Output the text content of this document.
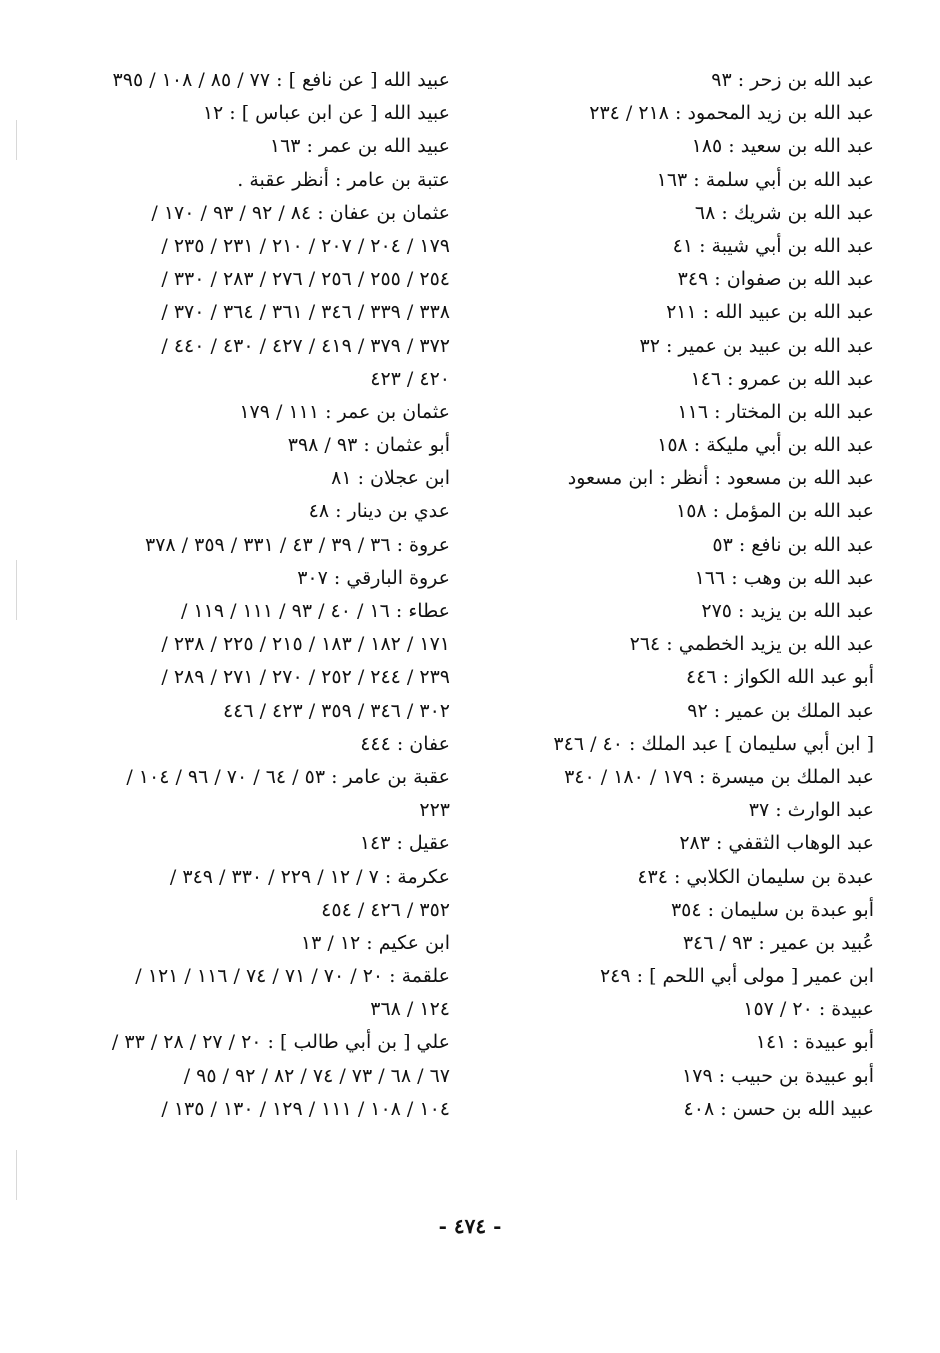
عبد الله بن زحر : ٩٣
عبد الله بن زيد المحمود : ٢١٨ / ٢٣٤
عبد الله بن سعيد : ١٨٥
عبد الله بن أبي سلمة : ١٦٣
عبد الله بن شريك : ٦٨
عبد الله بن أبي شيبة : ٤١
عبد الله بن صفوان : ٣٤٩
عبد الله بن عبيد الله : ٢١١
عبد الله بن عبيد بن عمير : ٣٢
عبد الله بن عمرو : ١٤٦
عبد الله بن المختار : ١١٦
عبد الله بن أبي مليكة : ١٥٨
عبد الله بن مسعود : أنظر : ابن مسعود
عبد الله بن المؤمل : ١٥٨
عبد الله بن نافع : ٥٣
عبد الله بن وهب : ١٦٦
عبد الله بن يزيد : ٢٧٥
عبد الله بن يزيد الخطمي : ٢٦٤
أبو عبد الله الكواز : ٤٤٦
عبد الملك بن عمير : ٩٢
[ ابن أبي سليمان ] عبد الملك : ٤٠ / ٣٤٦
عبد الملك بن ميسرة : ١٧٩ / ١٨٠ / ٣٤٠
عبد الوارث : ٣٧
عبد الوهاب الثقفي : ٢٨٣
عبدة بن سليمان الكلابي : ٤٣٤
أبو عبدة بن سليمان : ٣٥٤
عُبيد بن عمير : ٩٣ / ٣٤٦
ابن عمير [ مولى أبي اللحم ] : ٢٤٩
عبيدة : ٢٠ / ١٥٧
أبو عبيدة : ١٤١
أبو عبيدة بن حبيب : ١٧٩
عبيد الله بن حسن : ٤٠٨
عبيد الله [ عن نافع ] : ٧٧ / ٨٥ / ١٠٨ / ٣٩٥
عبيد الله [ عن ابن عباس ] : ١٢
عبيد الله بن عمر : ١٦٣
عتبة بن عامر : أنظر عقبة .
عثمان بن عفان : ٨٤ / ٩٢ / ٩٣ / ١٧٠ /
١٧٩ / ٢٠٤ / ٢٠٧ / ٢١٠ / ٢٣١ / ٢٣٥ /
٢٥٤ / ٢٥٥ / ٢٥٦ / ٢٧٦ / ٢٨٣ / ٣٣٠ /
٣٣٨ / ٣٣٩ / ٣٤٦ / ٣٦١ / ٣٦٤ / ٣٧٠ /
٣٧٢ / ٣٧٩ / ٤١٩ / ٤٢٧ / ٤٣٠ / ٤٤٠ /
٤٢٠ / ٤٢٣
عثمان بن عمر : ١١١ / ١٧٩
أبو عثمان : ٩٣ / ٣٩٨
ابن عجلان : ٨١
عدي بن دينار : ٤٨
عروة : ٣٦ / ٣٩ / ٤٣ / ٣٣١ / ٣٥٩ / ٣٧٨
عروة البارقي : ٣٠٧
عطاء : ١٦ / ٤٠ / ٩٣ / ١١١ / ١١٩ /
١٧١ / ١٨٢ / ١٨٣ / ٢١٥ / ٢٢٥ / ٢٣٨ /
٢٣٩ / ٢٤٤ / ٢٥٢ / ٢٧٠ / ٢٧١ / ٢٨٩ /
٣٠٢ / ٣٤٦ / ٣٥٩ / ٤٢٣ / ٤٤٦
عفان : ٤٤٤
عقبة بن عامر : ٥٣ / ٦٤ / ٧٠ / ٩٦ / ١٠٤ /
٢٢٣
عقيل : ١٤٣
عكرمة : ٧ / ١٢ / ٢٢٩ / ٣٣٠ / ٣٤٩ /
٣٥٢ / ٤٢٦ / ٤٥٤
ابن عكيم : ١٢ / ١٣
علقمة : ٢٠ / ٧٠ / ٧١ / ٧٤ / ١١٦ / ١٢١ /
١٢٤ / ٣٦٨
علي [ بن أبي طالب ] : ٢٠ / ٢٧ / ٢٨ / ٣٣ /
٦٧ / ٦٨ / ٧٣ / ٧٤ / ٨٢ / ٩٢ / ٩٥ /
١٠٤ / ١٠٨ / ١١١ / ١٢٩ / ١٣٠ / ١٣٥ /
- ٤٧٤ -
